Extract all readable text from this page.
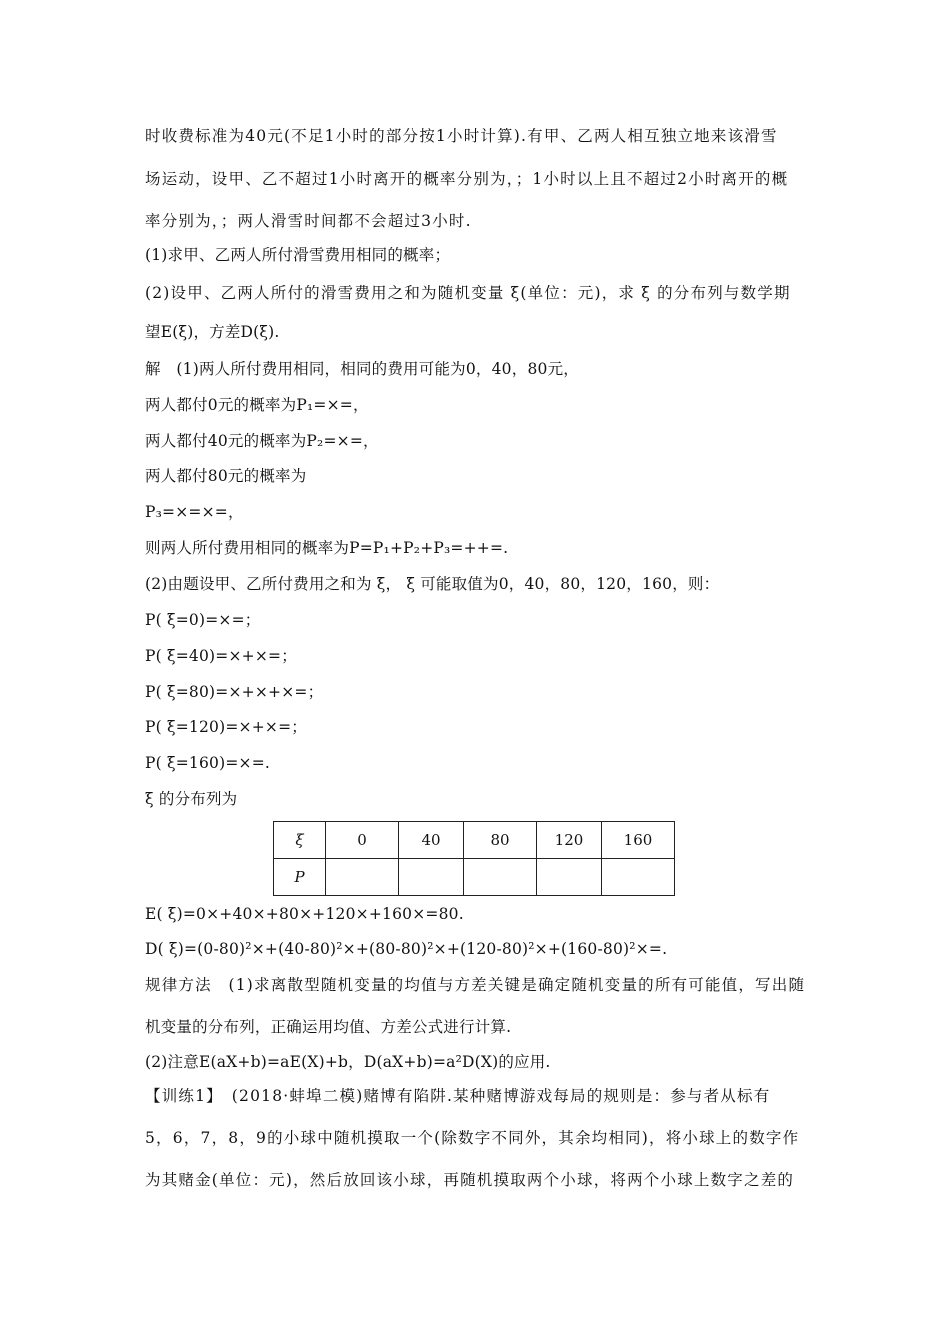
时收费标准为40元(不足1小时的部分按1小时计算).有甲、乙两人相互独立地来该滑雪
场运动，设甲、乙不超过1小时离开的概率分别为，；1小时以上且不超过2小时离开的概
率分别为，；两人滑雪时间都不会超过3小时.
(1)求甲、乙两人所付滑雪费用相同的概率；
(2)设甲、乙两人所付的滑雪费用之和为随机变量 ξ(单位：元)，求 ξ 的分布列与数学期
望E(ξ)，方差D(ξ).
解　(1)两人所付费用相同，相同的费用可能为0，40，80元，
两人都付0元的概率为P₁=×=，
两人都付40元的概率为P₂=×=，
两人都付80元的概率为
P₃=×=×=，
则两人所付费用相同的概率为P=P₁+P₂+P₃=++=.
(2)由题设甲、乙所付费用之和为 ξ， ξ 可能取值为0，40，80，120，160，则：
P( ξ=0)=×=；
P( ξ=40)=×+×=；
P( ξ=80)=×+×+×=；
P( ξ=120)=×+×=；
P( ξ=160)=×=.
ξ 的分布列为
ξ	0	40	80	120	160
P					
E( ξ)=0×+40×+80×+120×+160×=80.
D( ξ)=(0-80)²×+(40-80)²×+(80-80)²×+(120-80)²×+(160-80)²×=.
规律方法　(1)求离散型随机变量的均值与方差关键是确定随机变量的所有可能值，写出随
机变量的分布列，正确运用均值、方差公式进行计算.
(2)注意E(aX+b)=aE(X)+b，D(aX+b)=a²D(X)的应用.
【训练1】　(2018·蚌埠二模)赌博有陷阱.某种赌博游戏每局的规则是：参与者从标有
5，6，7，8，9的小球中随机摸取一个(除数字不同外，其余均相同)，将小球上的数字作
为其赌金(单位：元)，然后放回该小球，再随机摸取两个小球，将两个小球上数字之差的
